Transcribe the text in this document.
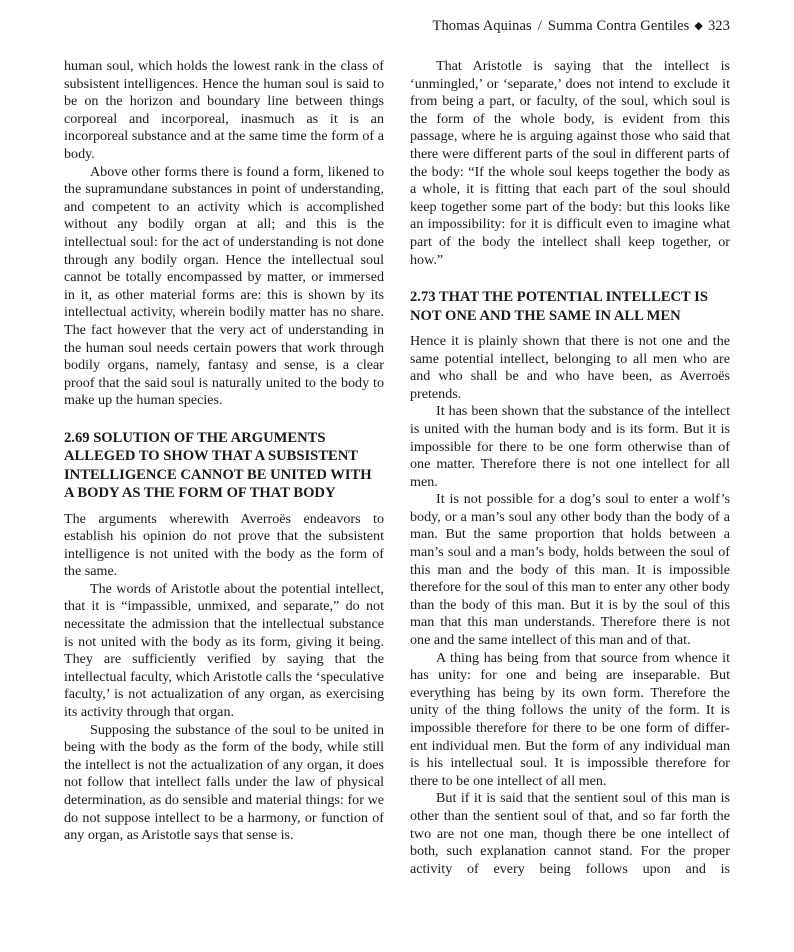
Thomas Aquinas / Summa Contra Gentiles ◆ 323

human soul, which holds the lowest rank in the class of subsistent intelligences. Hence the human soul is said to be on the horizon and boundary line between things corporeal and incorporeal, inasmuch as it is an incorporeal substance and at the same time the form of a body.

Above other forms there is found a form, likened to the supramundane substances in point of understanding, and competent to an activity which is accomplished without any bodily organ at all; and this is the intellectual soul: for the act of understanding is not done through any bodily organ. Hence the intellectual soul cannot be totally encompassed by matter, or immersed in it, as other material forms are: this is shown by its intellectual activity, wherein bodily matter has no share. The fact however that the very act of understanding in the human soul needs certain powers that work through bodily organs, namely, fantasy and sense, is a clear proof that the said soul is naturally united to the body to make up the human species.

2.69 SOLUTION OF THE ARGUMENTS ALLEGED TO SHOW THAT A SUBSISTENT INTELLIGENCE CANNOT BE UNITED WITH A BODY AS THE FORM OF THAT BODY

The arguments wherewith Averroës endeavors to establish his opinion do not prove that the subsistent intelligence is not united with the body as the form of the same.

The words of Aristotle about the potential intellect, that it is “impassible, unmixed, and separate,” do not necessitate the admission that the intellectual substance is not united with the body as its form, giving it being. They are sufficiently verified by saying that the intellectual faculty, which Aristotle calls the ‘speculative faculty,’ is not actualization of any organ, as exercising its activity through that organ.

Supposing the substance of the soul to be united in being with the body as the form of the body, while still the intellect is not the actualization of any organ, it does not follow that intellect falls under the law of physical determination, as do sensible and material things: for we do not suppose intellect to be a harmony, or function of any organ, as Aristotle says that sense is.

That Aristotle is saying that the intellect is ‘unmingled,’ or ‘separate,’ does not intend to exclude it from being a part, or faculty, of the soul, which soul is the form of the whole body, is evident from this passage, where he is arguing against those who said that there were different parts of the soul in different parts of the body: “If the whole soul keeps together the body as a whole, it is fitting that each part of the soul should keep together some part of the body: but this looks like an impossibility: for it is difficult even to imagine what part of the body the intellect shall keep together, or how.”

2.73 THAT THE POTENTIAL INTELLECT IS NOT ONE AND THE SAME IN ALL MEN

Hence it is plainly shown that there is not one and the same potential intellect, belonging to all men who are and who shall be and who have been, as Averroës pretends.

It has been shown that the substance of the intellect is united with the human body and is its form. But it is impossible for there to be one form otherwise than of one matter. Therefore there is not one intellect for all men.

It is not possible for a dog’s soul to enter a wolf’s body, or a man’s soul any other body than the body of a man. But the same proportion that holds between a man’s soul and a man’s body, holds between the soul of this man and the body of this man. It is impossible therefore for the soul of this man to enter any other body than the body of this man. But it is by the soul of this man that this man understands. Therefore there is not one and the same intellect of this man and of that.

A thing has being from that source from whence it has unity: for one and being are inseparable. But everything has being by its own form. Therefore the unity of the thing follows the unity of the form. It is impossible therefore for there to be one form of different individual men. But the form of any individual man is his intellectual soul. It is impossible therefore for there to be one intellect of all men.

But if it is said that the sentient soul of this man is other than the sentient soul of that, and so far forth the two are not one man, though there be one intellect of both, such explanation cannot stand. For the proper activity of every being follows upon and is
